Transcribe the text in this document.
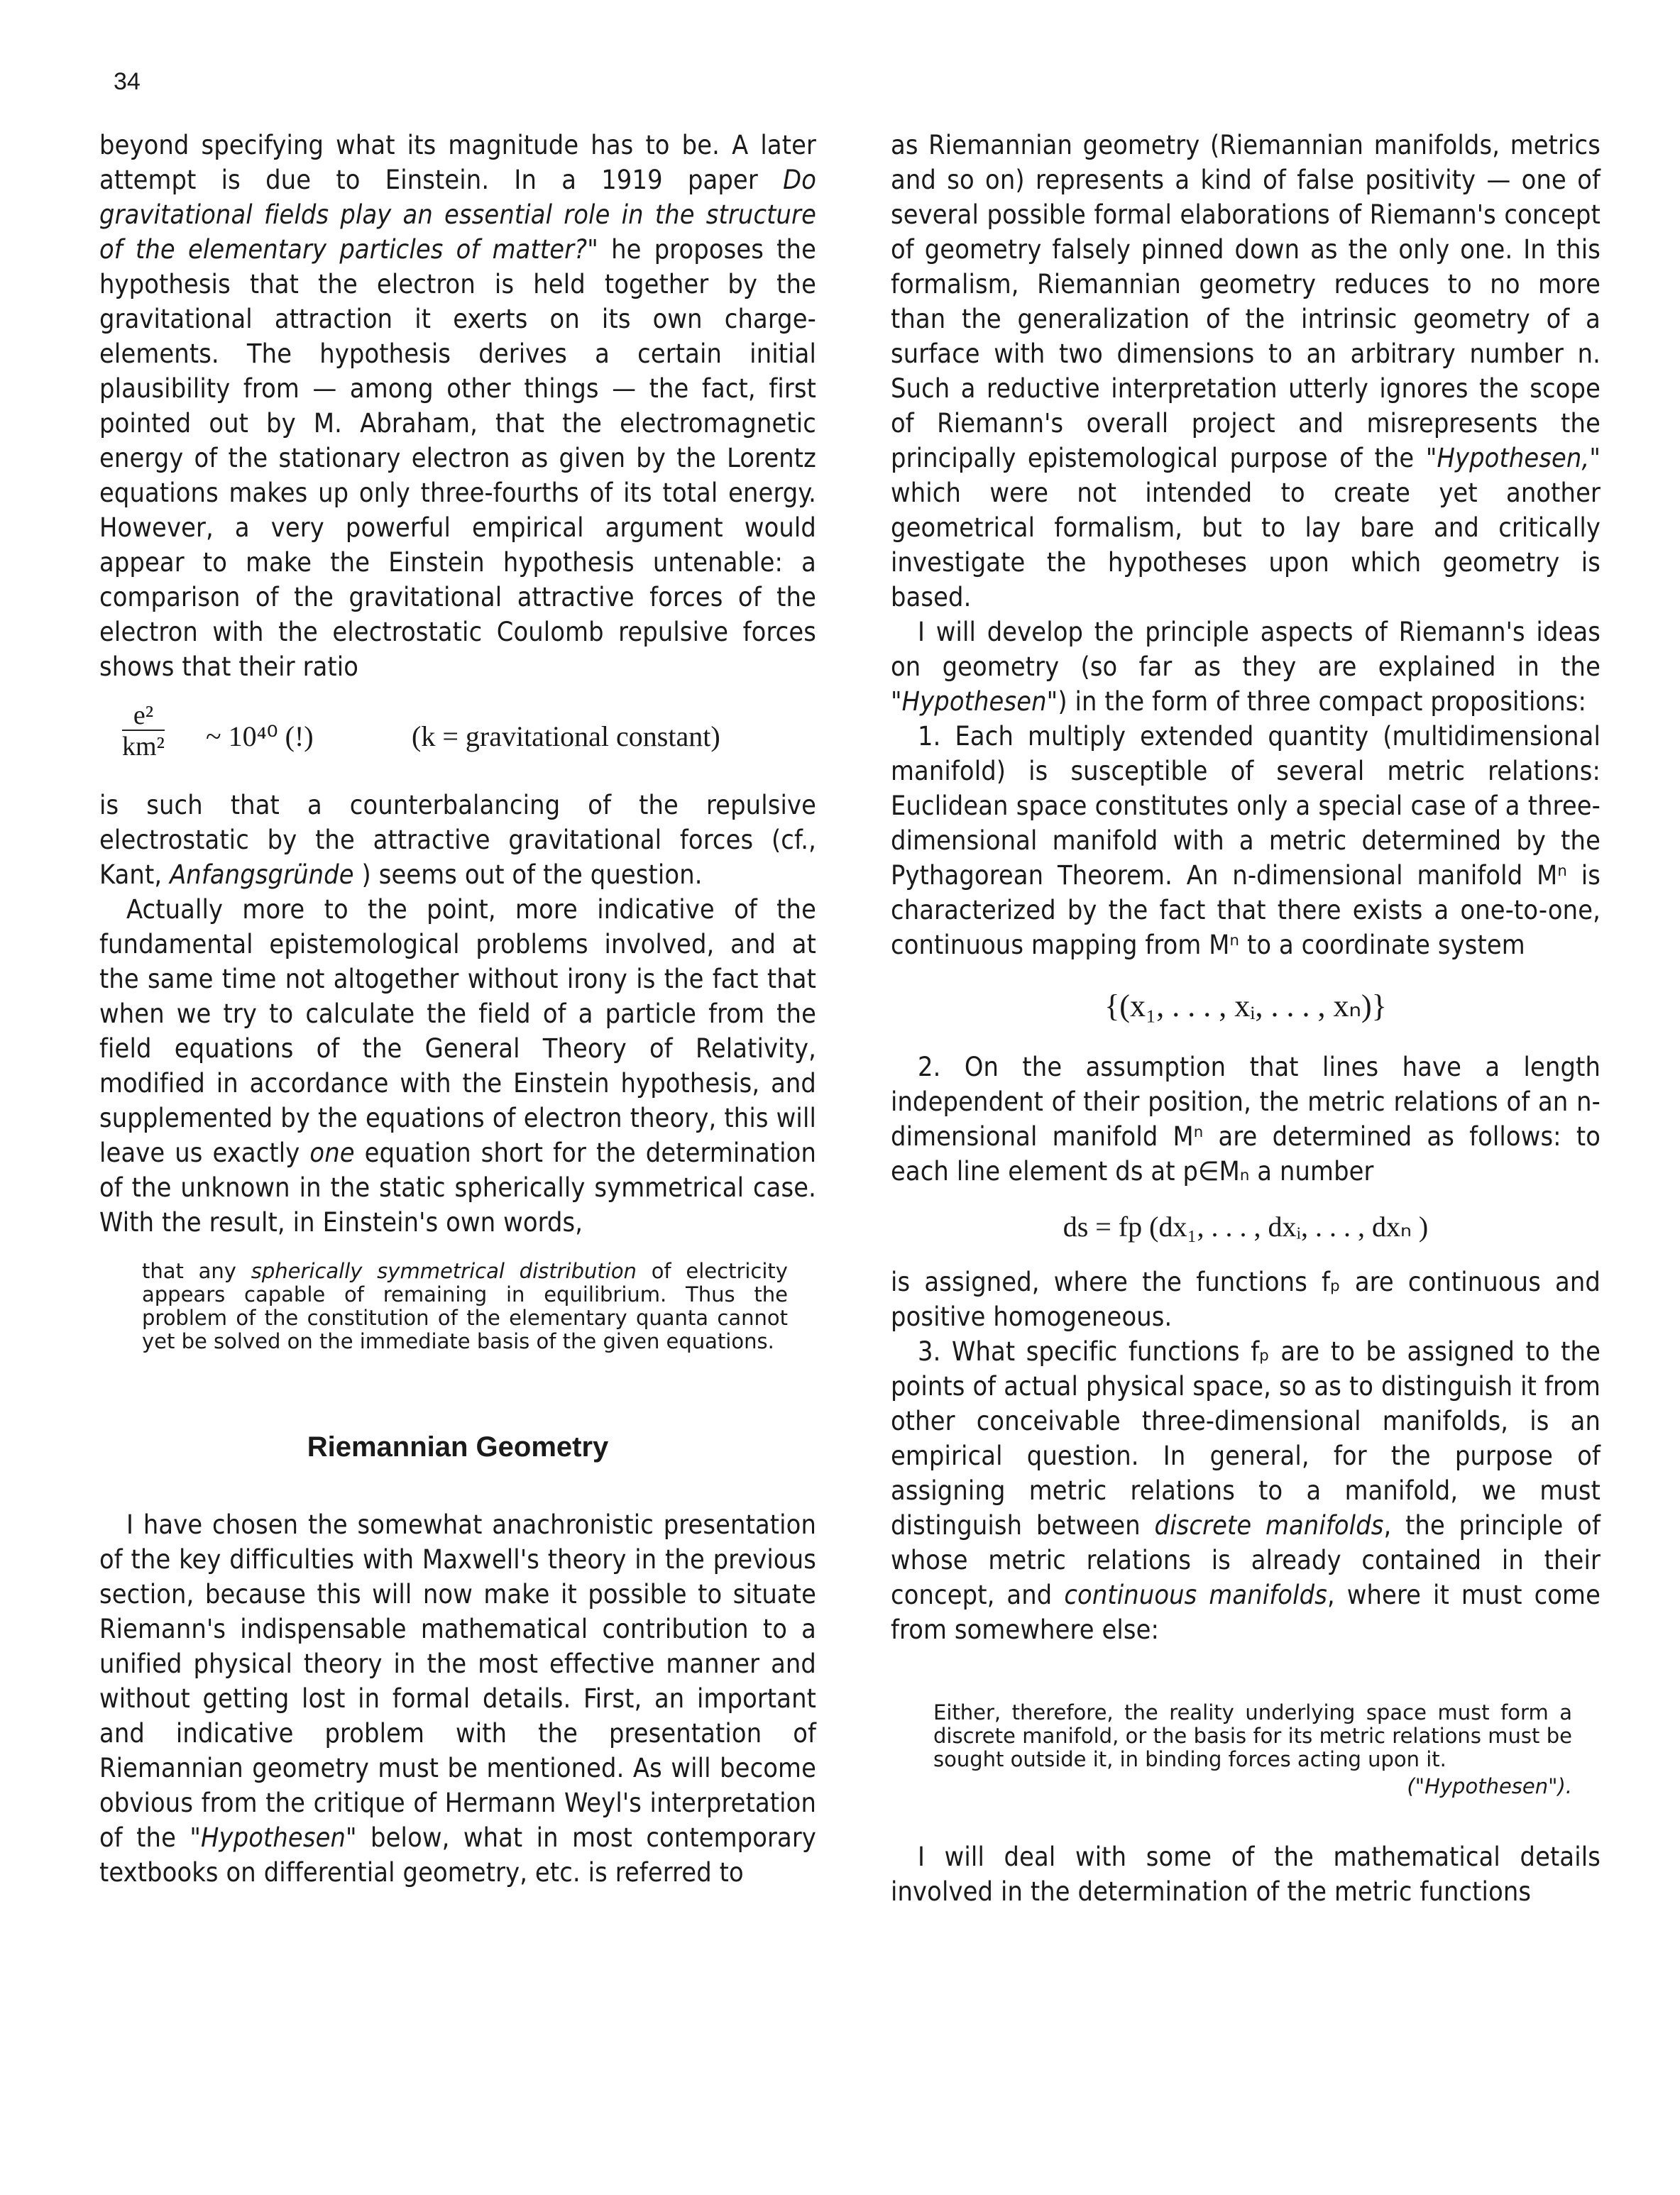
34

beyond specifying what its magnitude has to be. A later attempt is due to Einstein. In a 1919 paper Do gravitational fields play an essential role in the structure of the elementary particles of matter?" he proposes the hypothesis that the electron is held together by the gravitational attraction it exerts on its own charge-elements. The hypothesis derives a certain initial plausibility from — among other things — the fact, first pointed out by M. Abraham, that the electromagnetic energy of the stationary electron as given by the Lorentz equations makes up only three-fourths of its total energy. However, a very powerful empirical argument would appear to make the Einstein hypothesis untenable: a comparison of the gravitational attractive forces of the electron with the electrostatic Coulomb repulsive forces shows that their ratio

$\frac{\text{e²}}{\text{km²}}$ ~ 10⁴⁰ (!)	(k = gravitational constant)

is such that a counterbalancing of the repulsive electrostatic by the attractive gravitational forces (cf., Kant, Anfangsgründe ) seems out of the question.

Actually more to the point, more indicative of the fundamental epistemological problems involved, and at the same time not altogether without irony is the fact that when we try to calculate the field of a particle from the field equations of the General Theory of Relativity, modified in accordance with the Einstein hypothesis, and supplemented by the equations of electron theory, this will leave us exactly one equation short for the determination of the unknown in the static spherically symmetrical case. With the result, in Einstein's own words,

that any spherically symmetrical distribution of electricity appears capable of remaining in equilibrium. Thus the problem of the constitution of the elementary quanta cannot yet be solved on the immediate basis of the given equations.

Riemannian Geometry

I have chosen the somewhat anachronistic presentation of the key difficulties with Maxwell's theory in the previous section, because this will now make it possible to situate Riemann's indispensable mathematical contribution to a unified physical theory in the most effective manner and without getting lost in formal details. First, an important and indicative problem with the presentation of Riemannian geometry must be mentioned. As will become obvious from the critique of Hermann Weyl's interpretation of the "Hypothesen" below, what in most contemporary textbooks on differential geometry, etc. is referred to

as Riemannian geometry (Riemannian manifolds, metrics and so on) represents a kind of false positivity — one of several possible formal elaborations of Riemann's concept of geometry falsely pinned down as the only one. In this formalism, Riemannian geometry reduces to no more than the generalization of the intrinsic geometry of a surface with two dimensions to an arbitrary number n. Such a reductive interpretation utterly ignores the scope of Riemann's overall project and misrepresents the principally epistemological purpose of the "Hypothesen," which were not intended to create yet another geometrical formalism, but to lay bare and critically investigate the hypotheses upon which geometry is based.

I will develop the principle aspects of Riemann's ideas on geometry (so far as they are explained in the "Hypothesen") in the form of three compact propositions:

1. Each multiply extended quantity (multidimensional manifold) is susceptible of several metric relations: Euclidean space constitutes only a special case of a three-dimensional manifold with a metric determined by the Pythagorean Theorem. An n-dimensional manifold Mⁿ is characterized by the fact that there exists a one-to-one, continuous mapping from Mⁿ to a coordinate system

{(x₁, . . . , xᵢ, . . . , xₙ)}

2. On the assumption that lines have a length independent of their position, the metric relations of an n-dimensional manifold Mⁿ are determined as follows: to each line element ds at p∈Mₙ a number

ds = fp (dx₁, . . . , dxᵢ, . . . , dxₙ )

is assigned, where the functions fₚ are continuous and positive homogeneous.

3. What specific functions fₚ are to be assigned to the points of actual physical space, so as to distinguish it from other conceivable three-dimensional manifolds, is an empirical question. In general, for the purpose of assigning metric relations to a manifold, we must distinguish between discrete manifolds, the principle of whose metric relations is already contained in their concept, and continuous manifolds, where it must come from somewhere else:

Either, therefore, the reality underlying space must form a discrete manifold, or the basis for its metric relations must be sought outside it, in binding forces acting upon it.

("Hypothesen").

I will deal with some of the mathematical details involved in the determination of the metric functions
